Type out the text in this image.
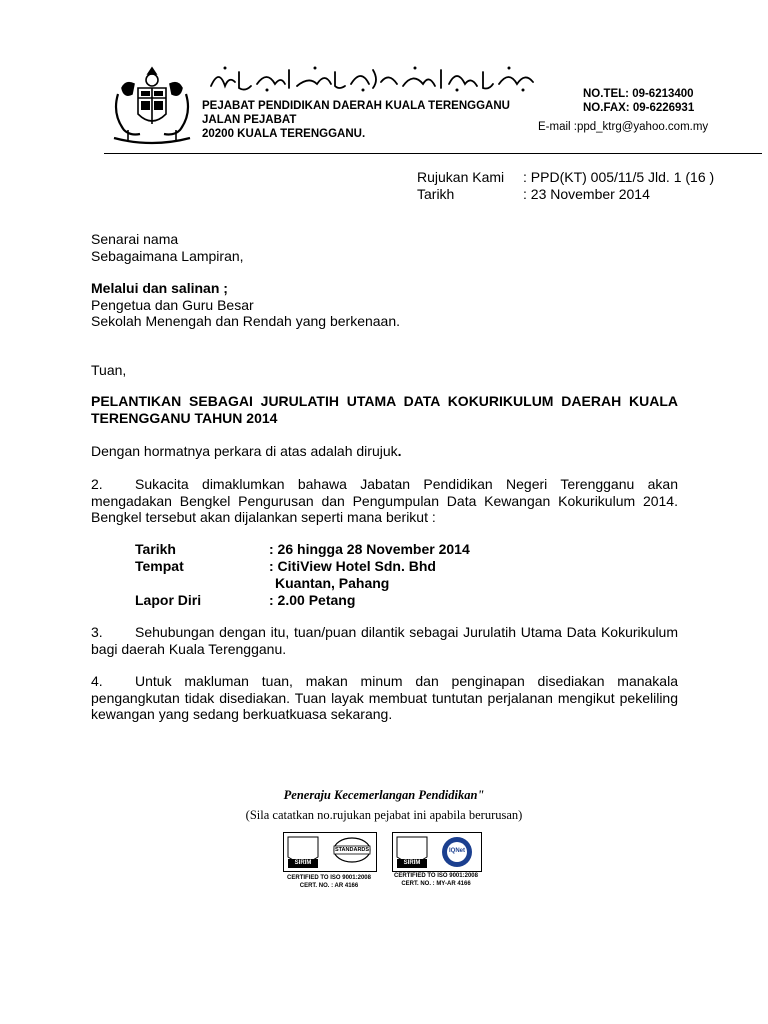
PEJABAT PENDIDIKAN DAERAH KUALA TERENGGANU
JALAN PEJABAT
20200 KUALA TERENGGANU.
NO.TEL: 09-6213400
NO.FAX: 09-6226931
E-mail :ppd_ktrg@yahoo.com.my
Rujukan Kami : PPD(KT) 005/11/5 Jld. 1 (16 )
Tarikh	: 23 November 2014
Senarai nama
Sebagaimana Lampiran,
Melalui dan salinan ;
Pengetua dan Guru Besar
Sekolah Menengah dan Rendah yang berkenaan.
Tuan,
PELANTIKAN SEBAGAI JURULATIH UTAMA DATA KOKURIKULUM DAERAH KUALA TERENGGANU TAHUN 2014
Dengan hormatnya perkara di atas adalah dirujuk.
2. Sukacita dimaklumkan bahawa Jabatan Pendidikan Negeri Terengganu akan mengadakan Bengkel Pengurusan dan Pengumpulan Data Kewangan Kokurikulum 2014. Bengkel tersebut akan dijalankan seperti mana berikut :
Tarikh	: 26 hingga 28 November 2014
Tempat	: CitiView Hotel Sdn. Bhd
Kuantan, Pahang
Lapor Diri	: 2.00 Petang
3. Sehubungan dengan itu, tuan/puan dilantik sebagai Jurulatih Utama Data Kokurikulum bagi daerah Kuala Terengganu.
4. Untuk makluman tuan, makan minum dan penginapan disediakan manakala pengangkutan tidak disediakan. Tuan layak membuat tuntutan perjalanan mengikut pekeliling kewangan yang sedang berkuatkuasa sekarang.
Peneraju Kecemerlangan Pendidikan"
(Sila catatkan no.rujukan pejabat ini apabila berurusan)
SIRIM
STANDARDS
CERTIFIED TO ISO 9001:2008
CERT. NO. : AR 4166
SIRIM
IQNet
CERTIFIED TO ISO 9001:2008
CERT. NO. : MY-AR 4166
